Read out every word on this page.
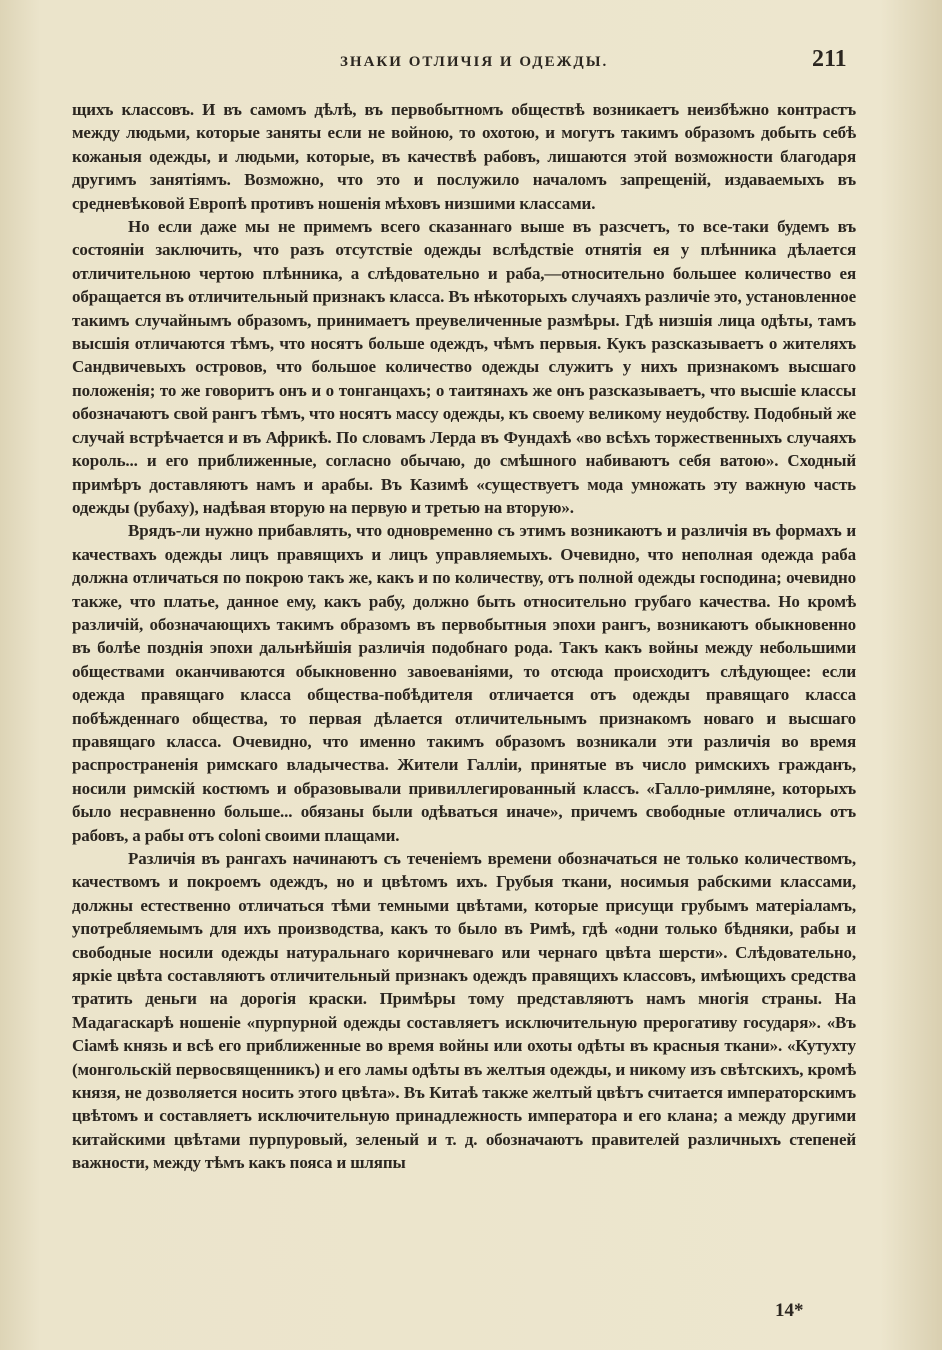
ЗНАКИ ОТЛИЧІЯ И ОДЕЖДЫ.	211

щихъ классовъ. И въ самомъ дѣлѣ, въ первобытномъ обществѣ возникаетъ неизбѣжно контрастъ между людьми, которые заняты если не войною, то охотою, и могутъ такимъ образомъ добыть себѣ кожаныя одежды, и людьми, которые, въ качествѣ рабовъ, лишаются этой возможности благодаря другимъ занятіямъ. Возможно, что это и послужило началомъ запрещеній, издаваемыхъ въ средневѣковой Европѣ противъ ношенія мѣховъ низшими классами.

Но если даже мы не примемъ всего сказаннаго выше въ разсчетъ, то все-таки будемъ въ состояніи заключить, что разъ отсутствіе одежды вслѣдствіе отнятія ея у плѣнника дѣлается отличительною чертою плѣнника, а слѣдовательно и раба,—относительно большее количество ея обращается въ отличительный признакъ класса. Въ нѣкоторыхъ случаяхъ различіе это, установленное такимъ случайнымъ образомъ, принимаетъ преувеличенные размѣры. Гдѣ низшія лица одѣты, тамъ высшія отличаются тѣмъ, что носятъ больше одеждъ, чѣмъ первыя. Кукъ разсказываетъ о жителяхъ Сандвичевыхъ островов, что большое количество одежды служитъ у нихъ признакомъ высшаго положенія; то же говоритъ онъ и о тонганцахъ; о таитянахъ же онъ разсказываетъ, что высшіе классы обозначаютъ свой рангъ тѣмъ, что носятъ массу одежды, къ своему великому неудобству. Подобный же случай встрѣчается и въ Африкѣ. По словамъ Лерда въ Фундахѣ «во всѣхъ торжественныхъ случаяхъ король... и его приближенные, согласно обычаю, до смѣшного набиваютъ себя ватою». Сходный примѣръ доставляютъ намъ и арабы. Въ Казимѣ «существуетъ мода умножать эту важную часть одежды (рубаху), надѣвая вторую на первую и третью на вторую».

Врядъ-ли нужно прибавлять, что одновременно съ этимъ возникаютъ и различія въ формахъ и качествахъ одежды лицъ правящихъ и лицъ управляемыхъ. Очевидно, что неполная одежда раба должна отличаться по покрою такъ же, какъ и по количеству, отъ полной одежды господина; очевидно также, что платье, данное ему, какъ рабу, должно быть относительно грубаго качества. Но кромѣ различій, обозначающихъ такимъ образомъ въ первобытныя эпохи рангъ, возникаютъ обыкновенно въ болѣе позднія эпохи дальнѣйшія различія подобнаго рода. Такъ какъ войны между небольшими обществами оканчиваются обыкновенно завоеваніями, то отсюда происходитъ слѣдующее: если одежда правящаго класса общества-побѣдителя отличается отъ одежды правящаго класса побѣжденнаго общества, то первая дѣлается отличительнымъ признакомъ новаго и высшаго правящаго класса. Очевидно, что именно такимъ образомъ возникали эти различія во время распространенія римскаго владычества. Жители Галліи, принятые въ число римскихъ гражданъ, носили римскій костюмъ и образовывали привиллегированный классъ. «Галло-римляне, которыхъ было несравненно больше... обязаны были одѣваться иначе», причемъ свободные отличались отъ рабовъ, а рабы отъ coloni своими плащами.

Различія въ рангахъ начинаютъ съ теченіемъ времени обозначаться не только количествомъ, качествомъ и покроемъ одеждъ, но и цвѣтомъ ихъ. Грубыя ткани, носимыя рабскими классами, должны естественно отличаться тѣми темными цвѣтами, которые присущи грубымъ матеріаламъ, употребляемымъ для ихъ производства, какъ то было въ Римѣ, гдѣ «одни только бѣдняки, рабы и свободные носили одежды натуральнаго коричневаго или чернаго цвѣта шерсти». Слѣдовательно, яркіе цвѣта составляютъ отличительный признакъ одеждъ правящихъ классовъ, имѣющихъ средства тратить деньги на дорогія краски. Примѣры тому представляютъ намъ многія страны. На Мадагаскарѣ ношеніе «пурпурной одежды составляетъ исключительную прерогативу государя». «Въ Сіамѣ князь и всѣ его приближенные во время войны или охоты одѣты въ красныя ткани». «Кутухту (монгольскій первосвященникъ) и его ламы одѣты въ желтыя одежды, и никому изъ свѣтскихъ, кромѣ князя, не дозволяется носить этого цвѣта». Въ Китаѣ также желтый цвѣтъ считается императорскимъ цвѣтомъ и составляетъ исключительную принадлежность императора и его клана; а между другими китайскими цвѣтами пурпуровый, зеленый и т. д. обозначаютъ правителей различныхъ степеней важности, между тѣмъ какъ пояса и шляпы

14*
